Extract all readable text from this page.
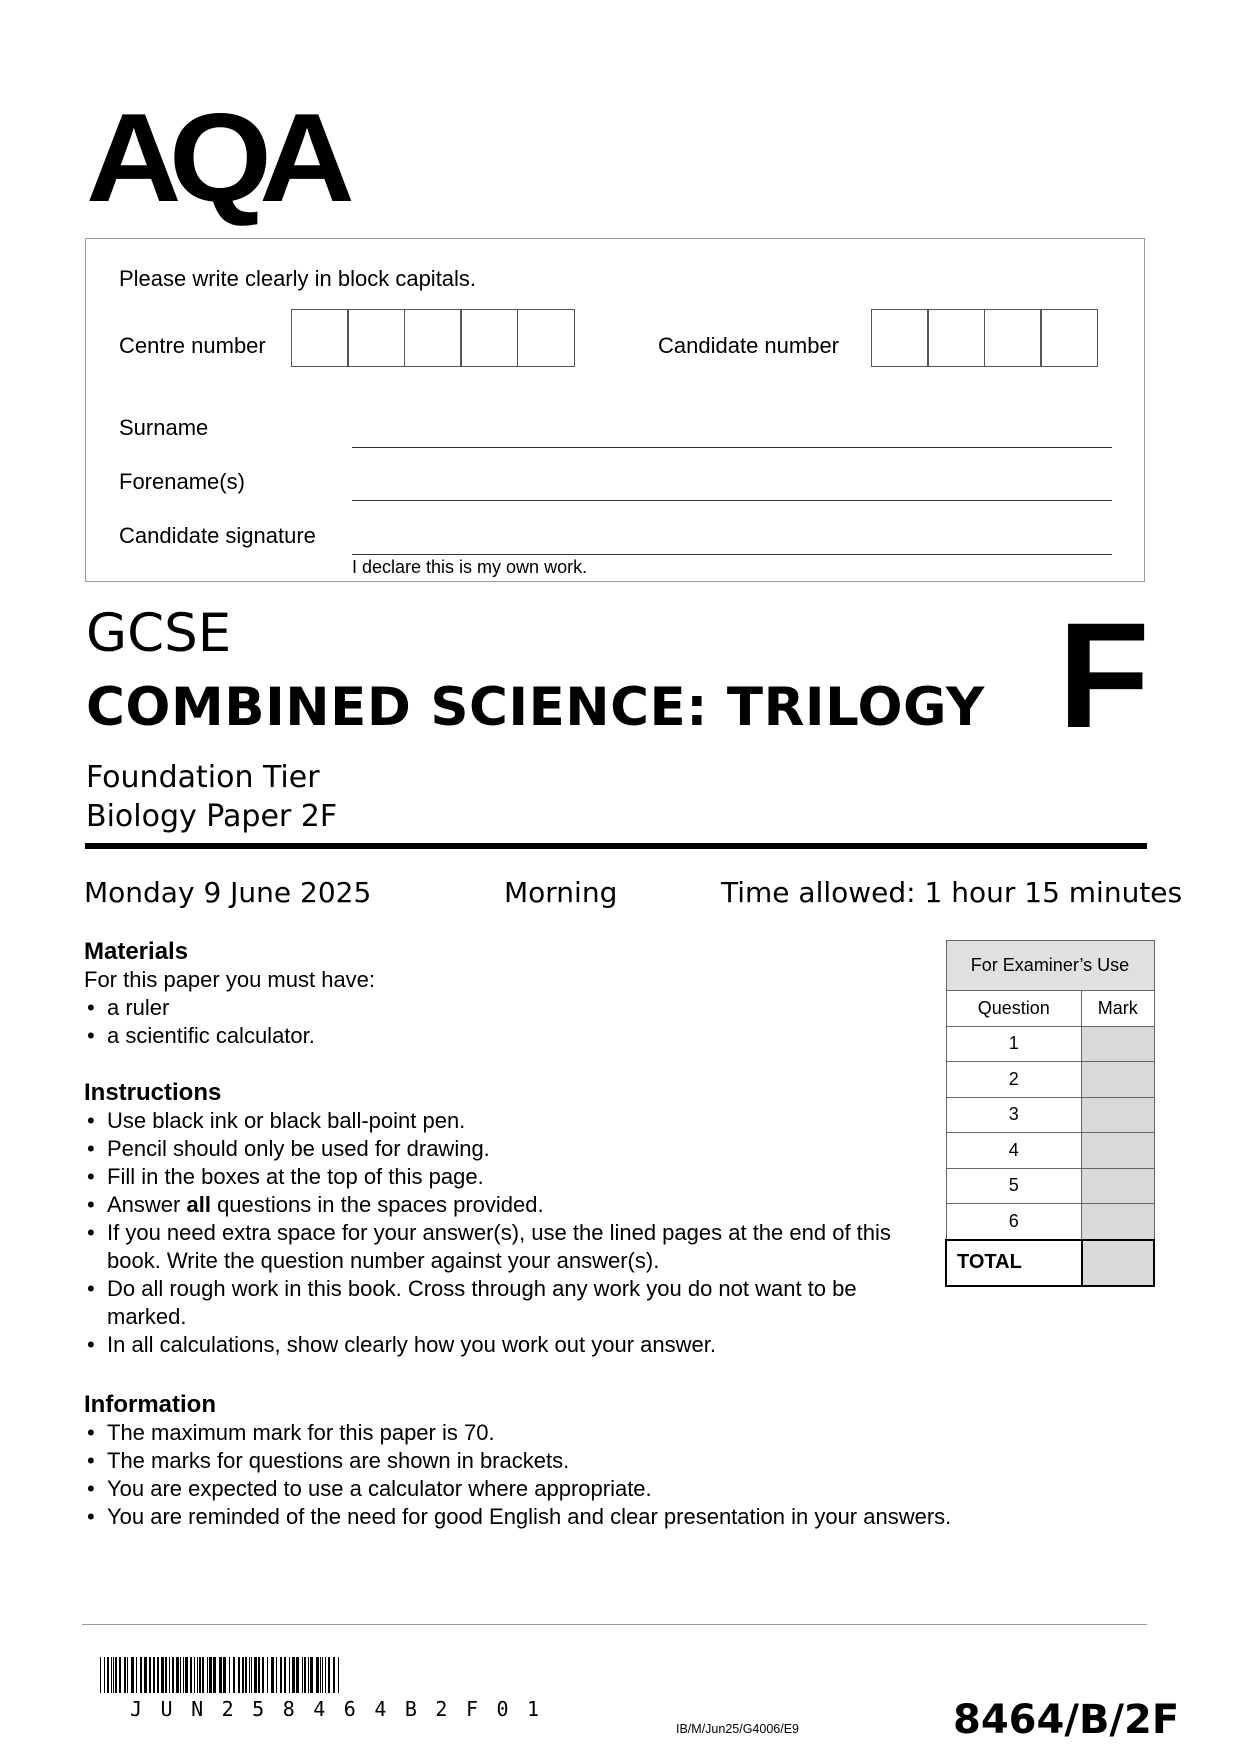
AQA
Please write clearly in block capitals.
Centre number	Candidate number
Surname
Forename(s)
Candidate signature
I declare this is my own work.
GCSE
COMBINED SCIENCE: TRILOGY F
Foundation Tier
Biology Paper 2F
Monday 9 June 2025	Morning	Time allowed: 1 hour 15 minutes
Materials
For this paper you must have:
• a ruler
• a scientific calculator.
Instructions
• Use black ink or black ball-point pen.
• Pencil should only be used for drawing.
• Fill in the boxes at the top of this page.
• Answer all questions in the spaces provided.
• If you need extra space for your answer(s), use the lined pages at the end of this book. Write the question number against your answer(s).
• Do all rough work in this book. Cross through any work you do not want to be marked.
• In all calculations, show clearly how you work out your answer.
Information
• The maximum mark for this paper is 70.
• The marks for questions are shown in brackets.
• You are expected to use a calculator where appropriate.
• You are reminded of the need for good English and clear presentation in your answers.
For Examiner’s Use	
Question	Mark
1	
2	
3	
4	
5	
6	
TOTAL	
JUN258464B2F01
IB/M/Jun25/G4006/E9	8464/B/2F
